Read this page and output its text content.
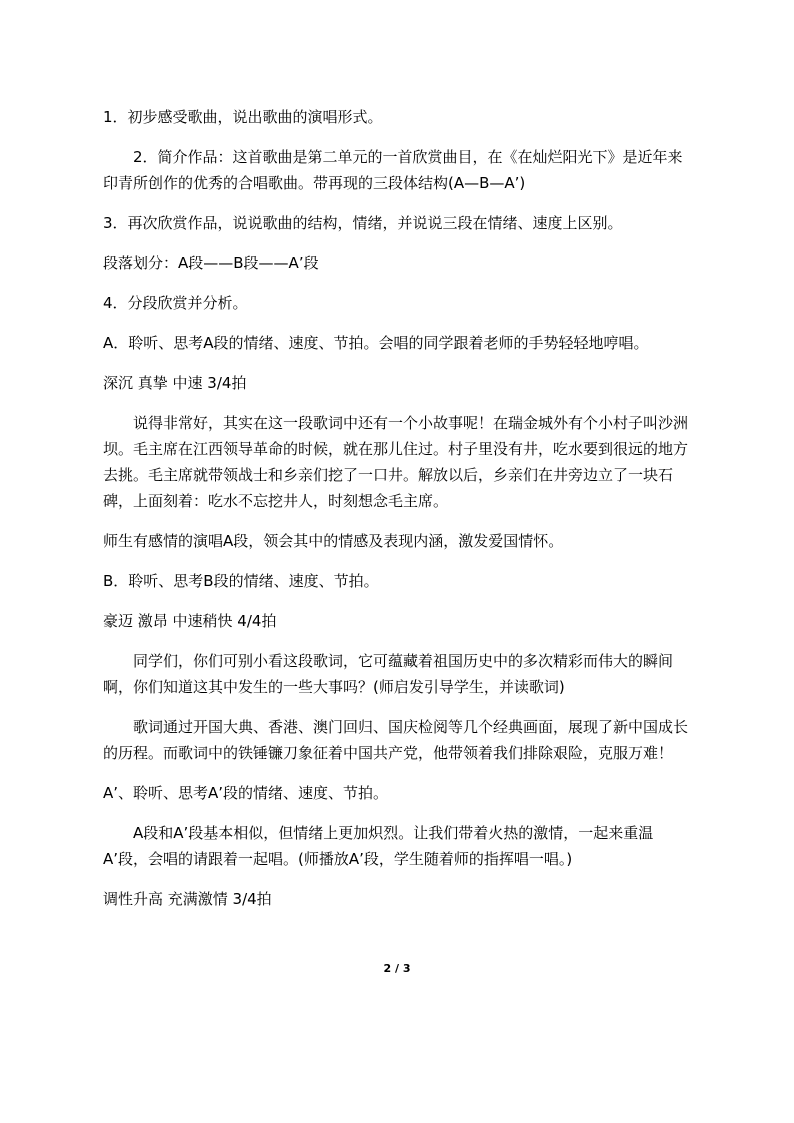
1．初步感受歌曲，说出歌曲的演唱形式。

2．简介作品：这首歌曲是第二单元的一首欣赏曲目，在《在灿烂阳光下》是近年来印青所创作的优秀的合唱歌曲。带再现的三段体结构(A—B—A’)

3．再次欣赏作品，说说歌曲的结构，情绪，并说说三段在情绪、速度上区别。

段落划分：A段——B段——A’段

4．分段欣赏并分析。

A．聆听、思考A段的情绪、速度、节拍。会唱的同学跟着老师的手势轻轻地哼唱。

深沉 真挚 中速 3/4拍

说得非常好，其实在这一段歌词中还有一个小故事呢！在瑞金城外有个小村子叫沙洲坝。毛主席在江西领导革命的时候，就在那儿住过。村子里没有井，吃水要到很远的地方去挑。毛主席就带领战士和乡亲们挖了一口井。解放以后，乡亲们在井旁边立了一块石碑，上面刻着：吃水不忘挖井人，时刻想念毛主席。

师生有感情的演唱A段，领会其中的情感及表现内涵，激发爱国情怀。

B．聆听、思考B段的情绪、速度、节拍。

豪迈 激昂 中速稍快 4/4拍

同学们，你们可别小看这段歌词，它可蕴藏着祖国历史中的多次精彩而伟大的瞬间啊，你们知道这其中发生的一些大事吗？(师启发引导学生，并读歌词)

歌词通过开国大典、香港、澳门回归、国庆检阅等几个经典画面，展现了新中国成长的历程。而歌词中的铁锤镰刀象征着中国共产党，他带领着我们排除艰险，克服万难！

A’、聆听、思考A’段的情绪、速度、节拍。

A段和A’段基本相似，但情绪上更加炽烈。让我们带着火热的激情，一起来重温A’段，会唱的请跟着一起唱。(师播放A’段，学生随着师的指挥唱一唱。)

调性升高 充满激情 3/4拍

2 / 3
